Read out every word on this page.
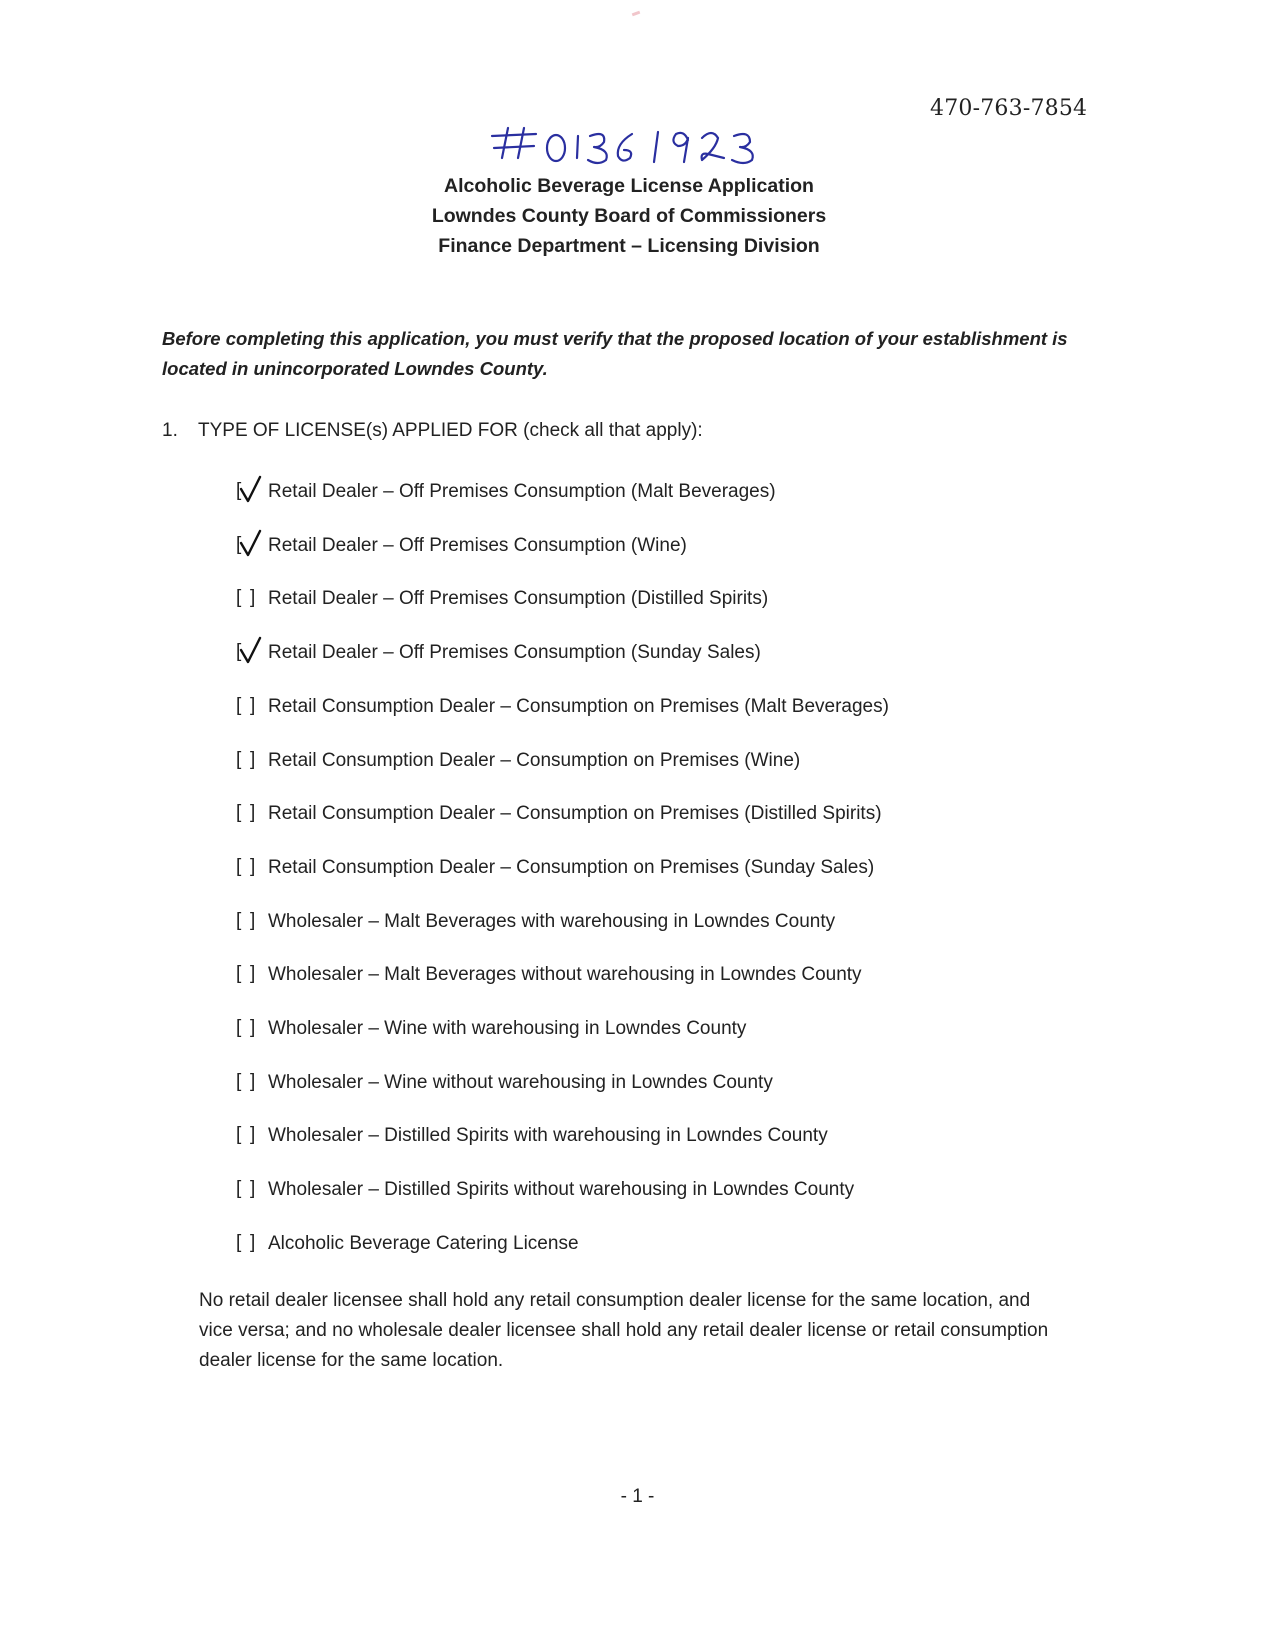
470-763-7854
Alcoholic Beverage License Application
Lowndes County Board of Commissioners
Finance Department – Licensing Division
Before completing this application, you must verify that the proposed location of your establishment is
located in unincorporated Lowndes County.
1. TYPE OF LICENSE(s) APPLIED FOR (check all that apply):
[ Retail Dealer – Off Premises Consumption (Malt Beverages)
[ Retail Dealer – Off Premises Consumption (Wine)
[ ] Retail Dealer – Off Premises Consumption (Distilled Spirits)
[ Retail Dealer – Off Premises Consumption (Sunday Sales)
[ ] Retail Consumption Dealer – Consumption on Premises (Malt Beverages)
[ ] Retail Consumption Dealer – Consumption on Premises (Wine)
[ ] Retail Consumption Dealer – Consumption on Premises (Distilled Spirits)
[ ] Retail Consumption Dealer – Consumption on Premises (Sunday Sales)
[ ] Wholesaler – Malt Beverages with warehousing in Lowndes County
[ ] Wholesaler – Malt Beverages without warehousing in Lowndes County
[ ] Wholesaler – Wine with warehousing in Lowndes County
[ ] Wholesaler – Wine without warehousing in Lowndes County
[ ] Wholesaler – Distilled Spirits with warehousing in Lowndes County
[ ] Wholesaler – Distilled Spirits without warehousing in Lowndes County
[ ] Alcoholic Beverage Catering License
No retail dealer licensee shall hold any retail consumption dealer license for the same location, and
vice versa; and no wholesale dealer licensee shall hold any retail dealer license or retail consumption
dealer license for the same location.
- 1 -
